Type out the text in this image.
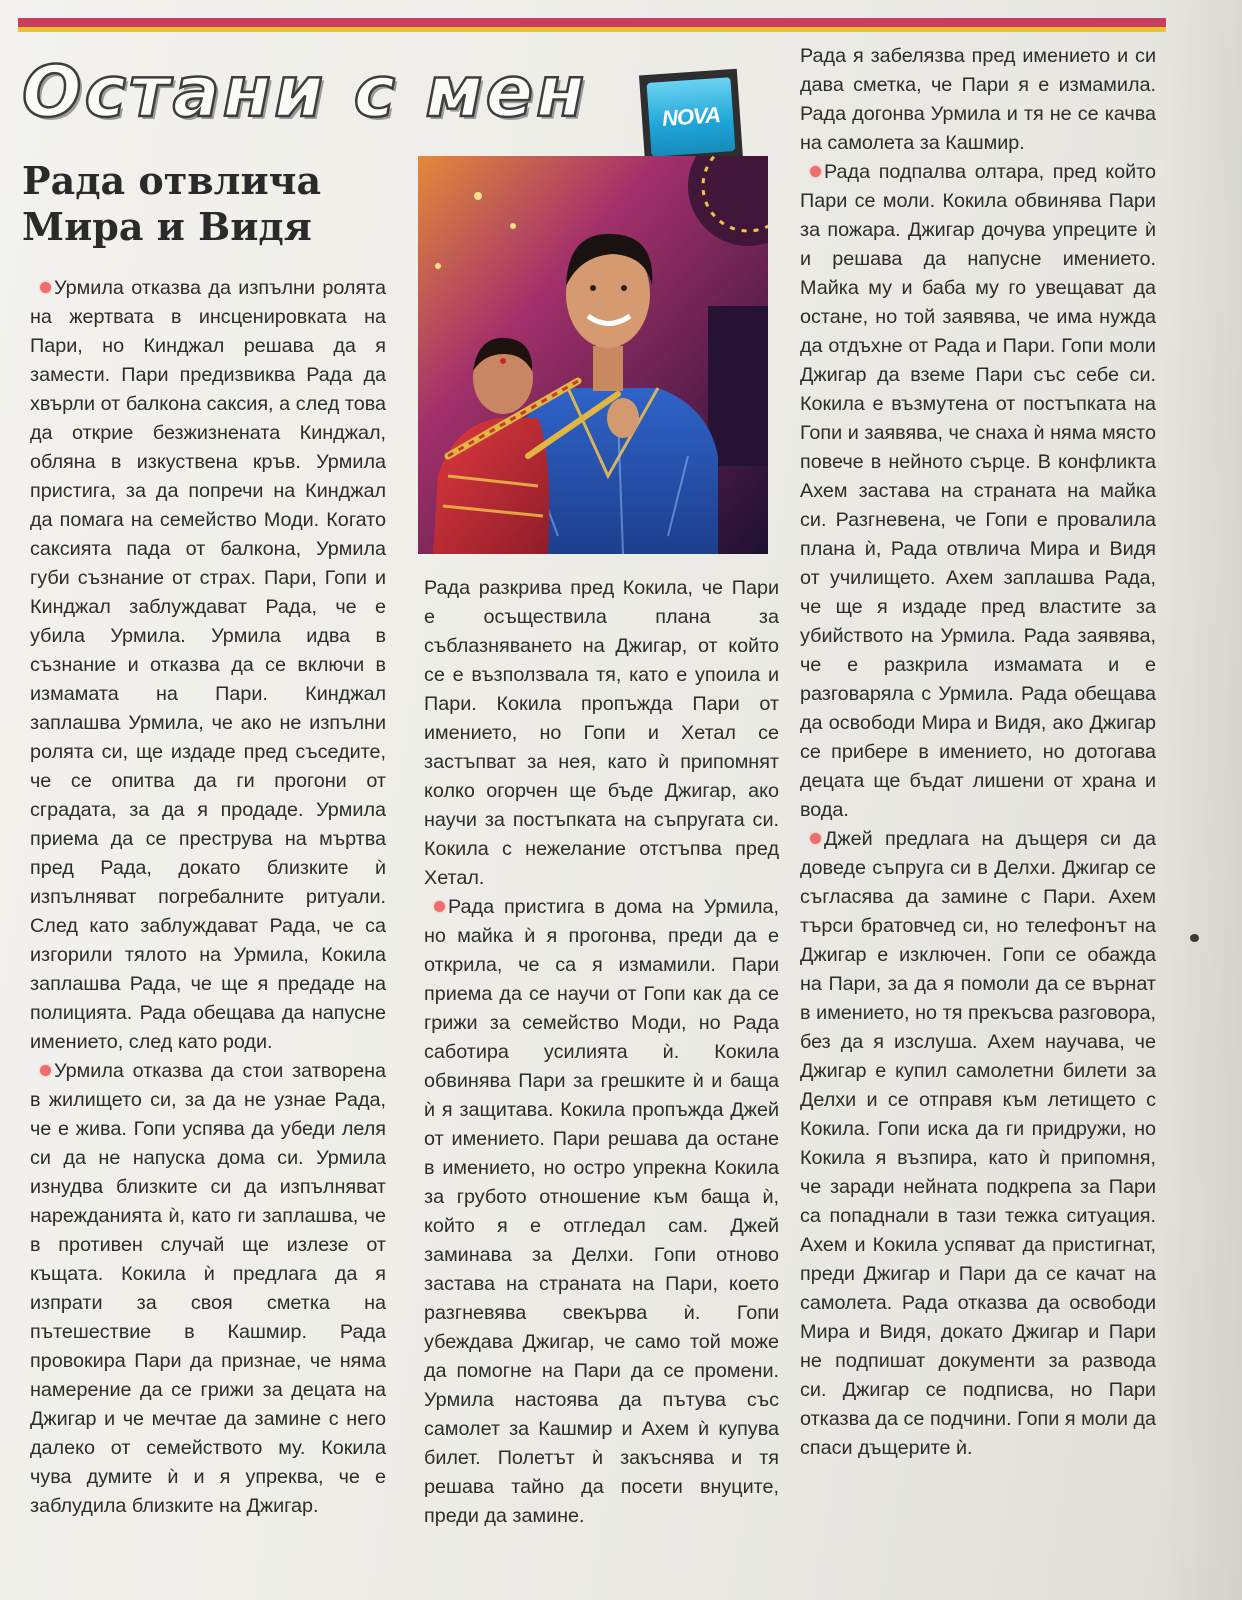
Остани с мен	NOVA
Рада отвлича
Мира и Видя

Урмила отказва да изпълни ролята на жертвата в инсценировката на Пари, но Кинджал решава да я замести. Пари предизвиква Рада да хвърли от балкона саксия, а след това да открие безжизнената Кинджал, обляна в изкуствена кръв. Урмила пристига, за да попречи на Кинджал да помага на семейство Моди. Когато саксията пада от балкона, Урмила губи съзнание от страх. Пари, Гопи и Кинджал заблуждават Рада, че е убила Урмила. Урмила идва в съзнание и отказва да се включи в измамата на Пари. Кинджал заплашва Урмила, че ако не изпълни ролята си, ще издаде пред съседите, че се опитва да ги прогони от сградата, за да я продаде. Урмила приема да се преструва на мъртва пред Рада, докато близките ѝ изпълняват погребалните ритуали. След като заблуждават Рада, че са изгорили тялото на Урмила, Кокила заплашва Рада, че ще я предаде на полицията. Рада обещава да напусне имението, след като роди.

Урмила отказва да стои затворена в жилището си, за да не узнае Рада, че е жива. Гопи успява да убеди леля си да не напуска дома си. Урмила изнудва близките си да изпълняват нарежданията ѝ, като ги заплашва, че в противен случай ще излезе от къщата. Кокила ѝ предлага да я изпрати за своя сметка на пътешествие в Кашмир. Рада провокира Пари да признае, че няма намерение да се грижи за децата на Джигар и че мечтае да замине с него далеко от семейството му. Кокила чува думите ѝ и я упреква, че е заблудила близките на Джигар.

Рада разкрива пред Кокила, че Пари е осъществила плана за съблазняването на Джигар, от който се е възползвала тя, като е упоила и Пари. Кокила пропъжда Пари от имението, но Гопи и Хетал се застъпват за нея, като ѝ припомнят колко огорчен ще бъде Джигар, ако научи за постъпката на съпругата си. Кокила с нежелание отстъпва пред Хетал.

Рада пристига в дома на Урмила, но майка ѝ я прогонва, преди да е открила, че са я измамили. Пари приема да се научи от Гопи как да се грижи за семейство Моди, но Рада саботира усилията ѝ. Кокила обвинява Пари за грешките ѝ и баща ѝ я защитава. Кокила пропъжда Джей от имението. Пари решава да остане в имението, но остро упрекна Кокила за грубото отношение към баща ѝ, който я е отгледал сам. Джей заминава за Делхи. Гопи отново застава на страната на Пари, което разгневява свекърва ѝ. Гопи убеждава Джигар, че само той може да помогне на Пари да се промени. Урмила настоява да пътува със самолет за Кашмир и Ахем ѝ купува билет. Полетът ѝ закъснява и тя решава тайно да посети внуците, преди да замине.

Рада я забелязва пред имението и си дава сметка, че Пари я е измамила. Рада догонва Урмила и тя не се качва на самолета за Кашмир.

Рада подпалва олтара, пред който Пари се моли. Кокила обвинява Пари за пожара. Джигар дочува упреците ѝ и решава да напусне имението. Майка му и баба му го увещават да остане, но той заявява, че има нужда да отдъхне от Рада и Пари. Гопи моли Джигар да вземе Пари със себе си. Кокила е възмутена от постъпката на Гопи и заявява, че снаха ѝ няма място повече в нейното сърце. В конфликта Ахем застава на страната на майка си. Разгневена, че Гопи е провалила плана ѝ, Рада отвлича Мира и Видя от училището. Ахем заплашва Рада, че ще я издаде пред властите за убийството на Урмила. Рада заявява, че е разкрила измамата и е разговаряла с Урмила. Рада обещава да освободи Мира и Видя, ако Джигар се прибере в имението, но дотогава децата ще бъдат лишени от храна и вода.

Джей предлага на дъщеря си да доведе съпруга си в Делхи. Джигар се съгласява да замине с Пари. Ахем търси братовчед си, но телефонът на Джигар е изключен. Гопи се обажда на Пари, за да я помоли да се върнат в имението, но тя прекъсва разговора, без да я изслуша. Ахем научава, че Джигар е купил самолетни билети за Делхи и се отправя към летището с Кокила. Гопи иска да ги придружи, но Кокила я възпира, като ѝ припомня, че заради нейната подкрепа за Пари са попаднали в тази тежка ситуация. Ахем и Кокила успяват да пристигнат, преди Джигар и Пари да се качат на самолета. Рада отказва да освободи Мира и Видя, докато Джигар и Пари не подпишат документи за развода си. Джигар се подписва, но Пари отказва да се подчини. Гопи я моли да спаси дъщерите ѝ.
